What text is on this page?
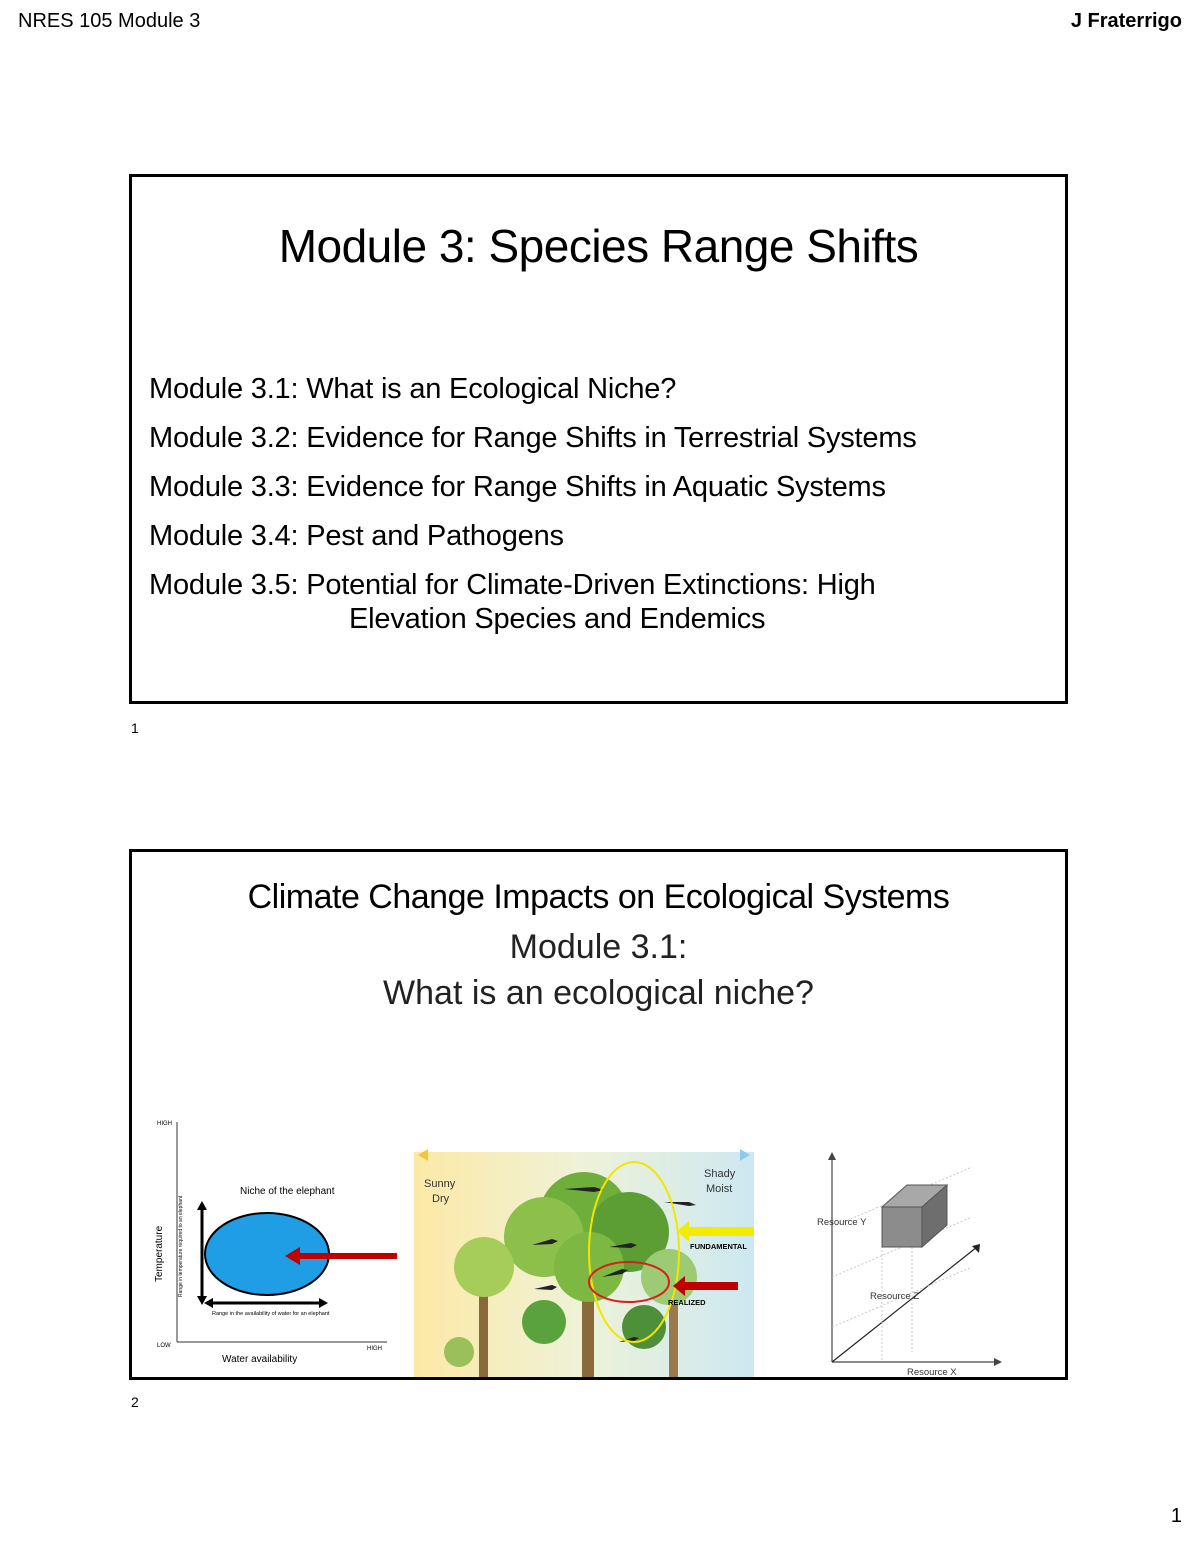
NRES 105 Module 3	J Fraterrigo
Module 3: Species Range Shifts
Module 3.1: What is an Ecological Niche?
Module 3.2: Evidence for Range Shifts in Terrestrial Systems
Module 3.3: Evidence for Range Shifts in Aquatic Systems
Module 3.4: Pest and Pathogens
Module 3.5: Potential for Climate-Driven Extinctions: High
Elevation Species and Endemics
1
Climate Change Impacts on Ecological Systems
Module 3.1:
What is an ecological niche?
HIGH
LOW	HIGH
Niche of the elephant
Temperature
Water availability
Range in temperature required to an elephant
Range in the availability of water for an elephant
Sunny
Dry
Shady
Moist
FUNDAMENTAL
REALIZED
Resource Y
Resource Z
Resource X
2
1
